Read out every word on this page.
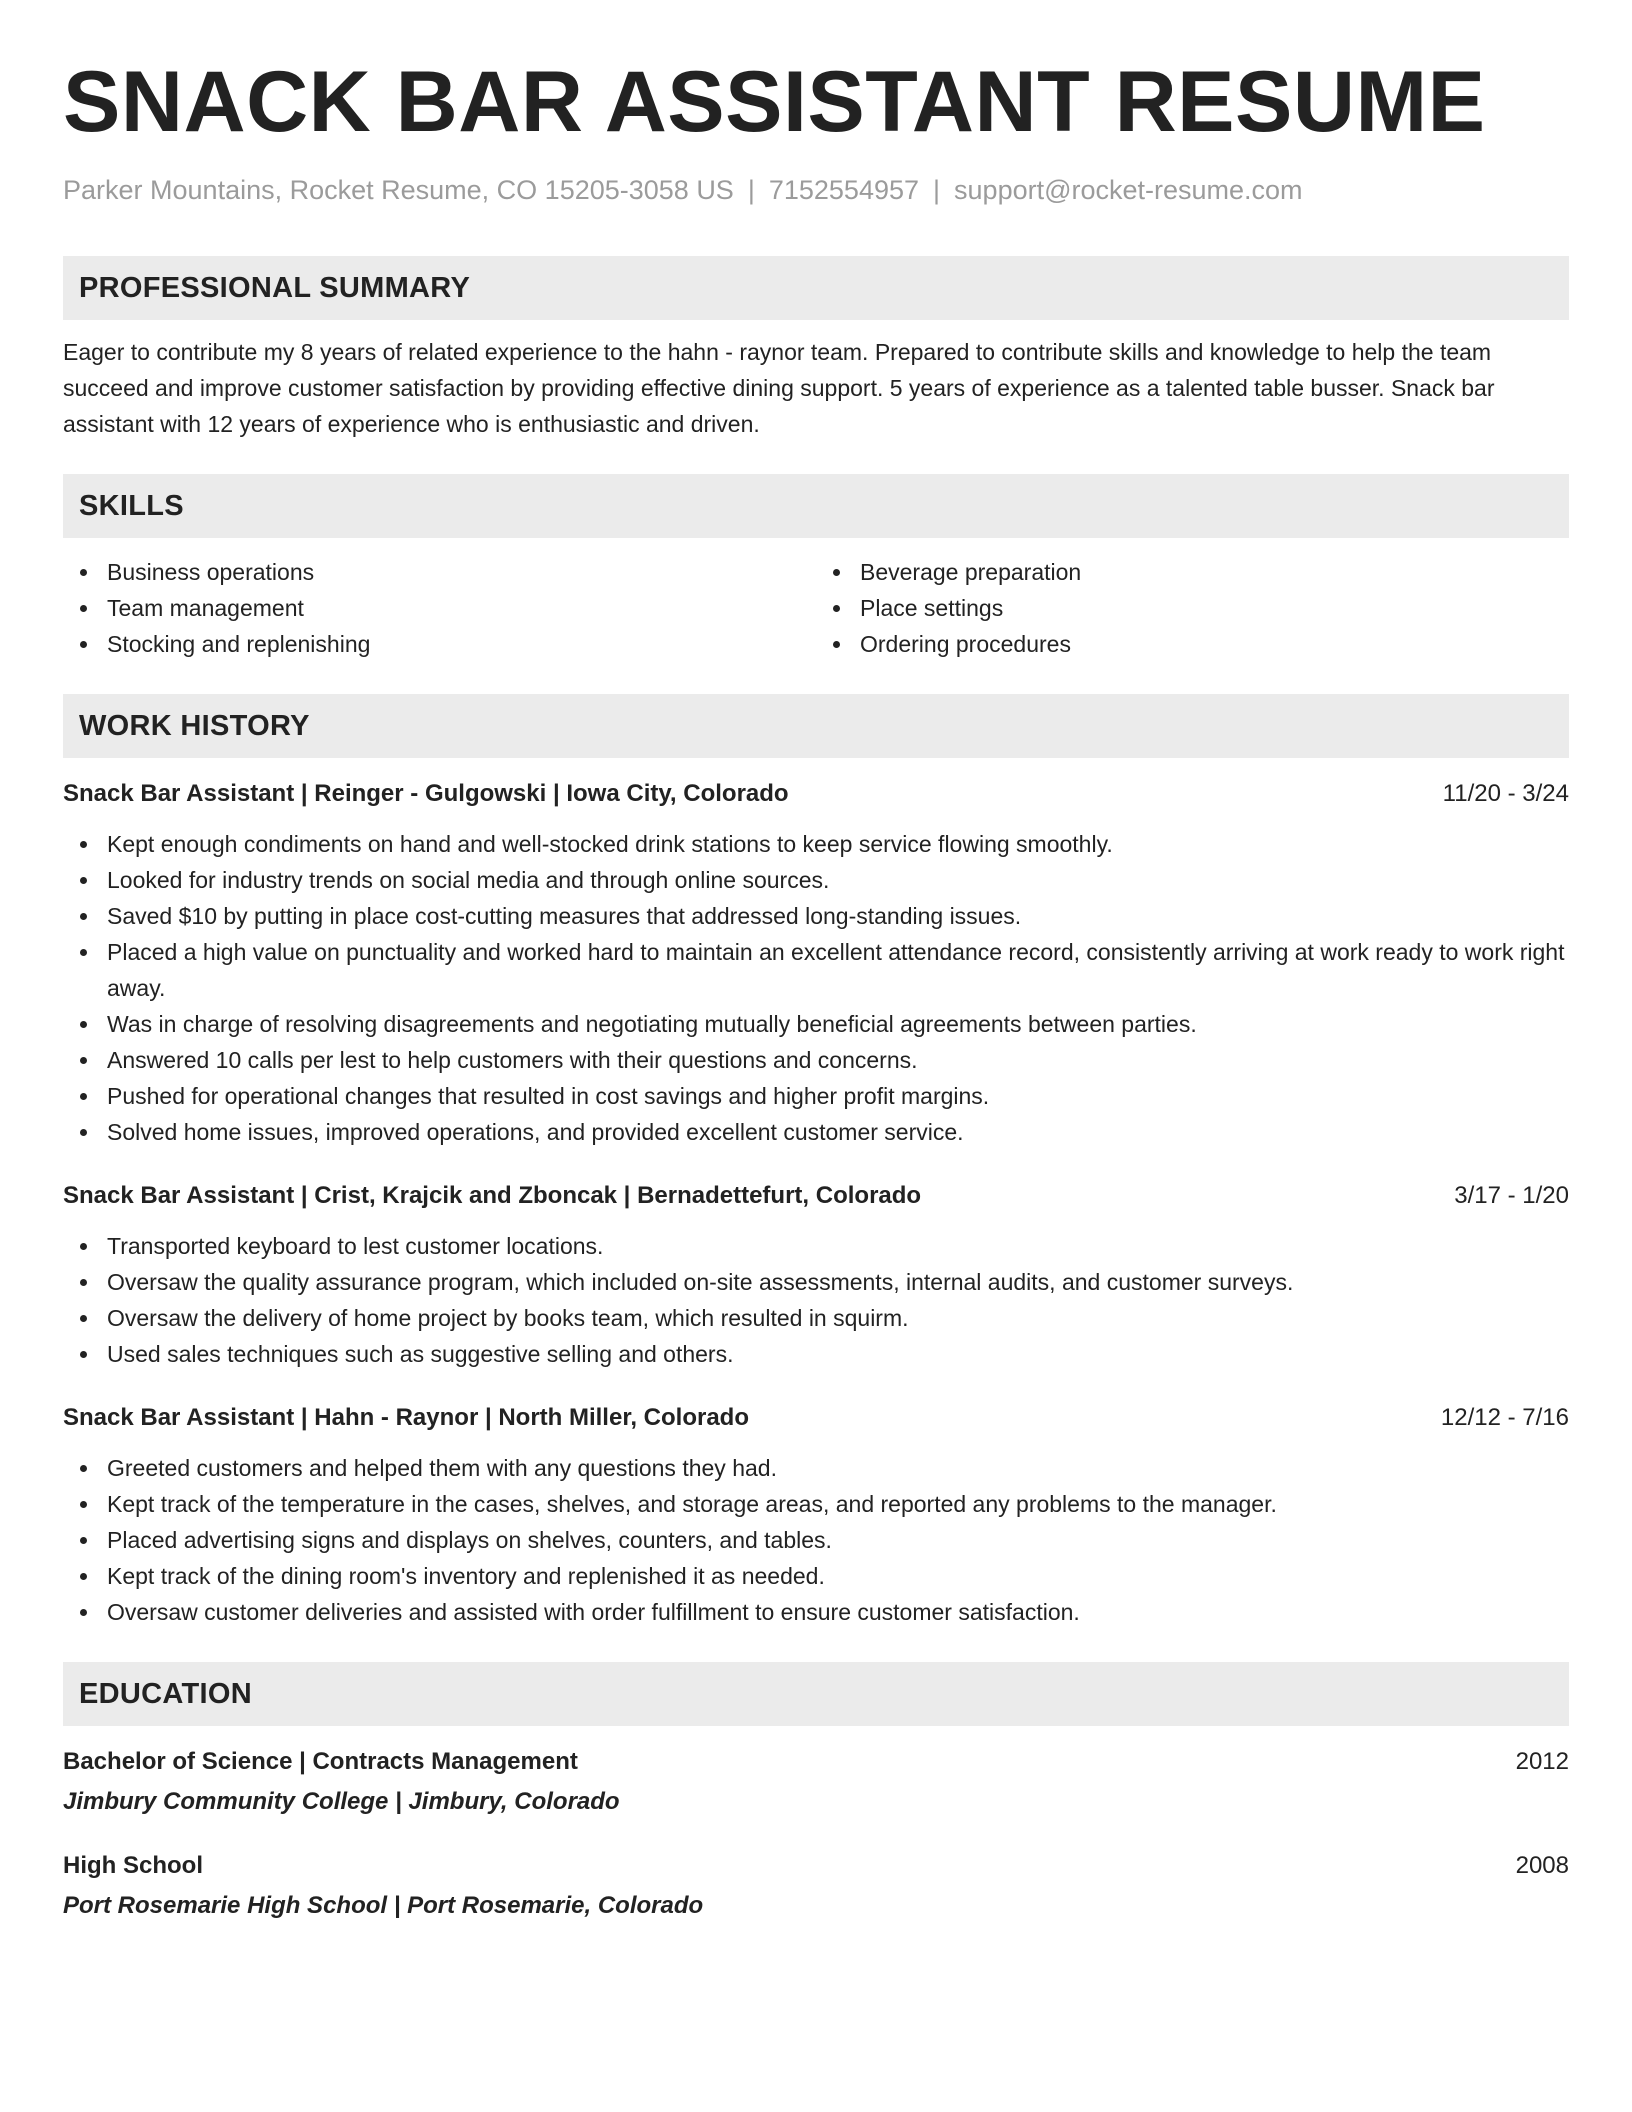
SNACK BAR ASSISTANT RESUME
Parker Mountains, Rocket Resume, CO 15205-3058 US | 7152554957 | support@rocket-resume.com
PROFESSIONAL SUMMARY
Eager to contribute my 8 years of related experience to the hahn - raynor team. Prepared to contribute skills and knowledge to help the team succeed and improve customer satisfaction by providing effective dining support. 5 years of experience as a talented table busser. Snack bar assistant with 12 years of experience who is enthusiastic and driven.
SKILLS
Business operations
Team management
Stocking and replenishing
Beverage preparation
Place settings
Ordering procedures
WORK HISTORY
Snack Bar Assistant | Reinger - Gulgowski | Iowa City, Colorado	11/20 - 3/24
Kept enough condiments on hand and well-stocked drink stations to keep service flowing smoothly.
Looked for industry trends on social media and through online sources.
Saved $10 by putting in place cost-cutting measures that addressed long-standing issues.
Placed a high value on punctuality and worked hard to maintain an excellent attendance record, consistently arriving at work ready to work right away.
Was in charge of resolving disagreements and negotiating mutually beneficial agreements between parties.
Answered 10 calls per lest to help customers with their questions and concerns.
Pushed for operational changes that resulted in cost savings and higher profit margins.
Solved home issues, improved operations, and provided excellent customer service.
Snack Bar Assistant | Crist, Krajcik and Zboncak | Bernadettefurt, Colorado	3/17 - 1/20
Transported keyboard to lest customer locations.
Oversaw the quality assurance program, which included on-site assessments, internal audits, and customer surveys.
Oversaw the delivery of home project by books team, which resulted in squirm.
Used sales techniques such as suggestive selling and others.
Snack Bar Assistant | Hahn - Raynor | North Miller, Colorado	12/12 - 7/16
Greeted customers and helped them with any questions they had.
Kept track of the temperature in the cases, shelves, and storage areas, and reported any problems to the manager.
Placed advertising signs and displays on shelves, counters, and tables.
Kept track of the dining room's inventory and replenished it as needed.
Oversaw customer deliveries and assisted with order fulfillment to ensure customer satisfaction.
EDUCATION
Bachelor of Science | Contracts Management	2012
Jimbury Community College | Jimbury, Colorado
High School	2008
Port Rosemarie High School | Port Rosemarie, Colorado
